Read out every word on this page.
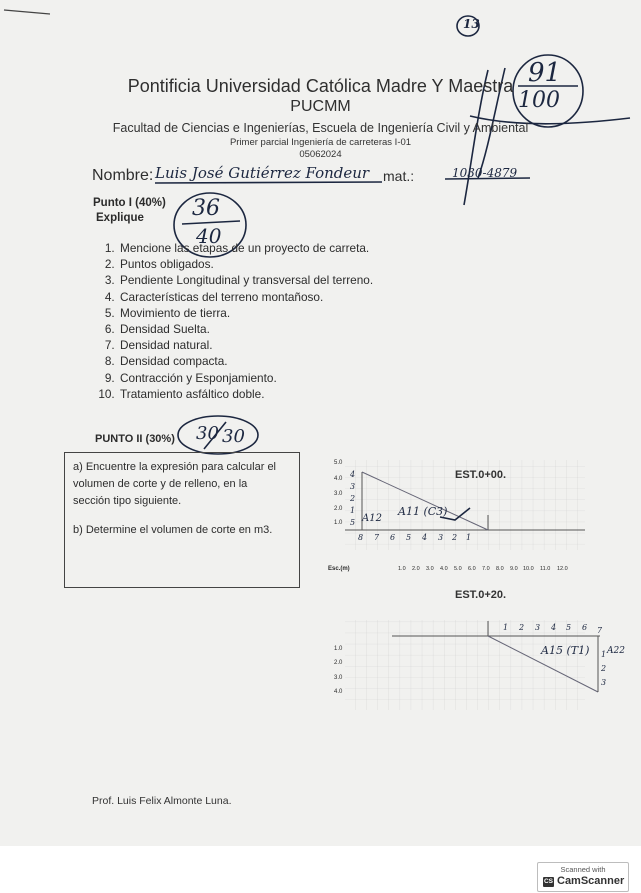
Pontificia Universidad Católica Madre Y Maestra
PUCMM
Facultad de Ciencias e Ingenierías, Escuela de Ingeniería Civil y Ambiental
Primer parcial Ingeniería de carreteras I-01
05062024
13
91
100
Nombre: Luis José Gutiérrez Fondeur mat.:	1030-4879
Punto I (40%)
Explique 36
40
1. Mencione las etapas de un proyecto de carreta.
2. Puntos obligados.
3. Pendiente Longitudinal y transversal del terreno.
4. Características del terreno montañoso.
5. Movimiento de tierra.
6. Densidad Suelta.
7. Densidad natural.
8. Densidad compacta.
9. Contracción y Esponjamiento.
10. Tratamiento asfáltico doble.
PUNTO II (30%) 30 30
a) Encuentre la expresión para calcular el volumen de corte y de relleno, en la sección tipo siguiente.
b) Determine el volumen de corte en m3.
EST.0+00.
5.0
4.0
3.0
2.0
1.0
Esc.(m)	1.0 2.0 3.0 4.0 5.0 6.0 7.0 8.0 9.0 10.0 11.0 12.0
4
3
2
1
5
8 7 6 5 4 3 2 1
A12
A11 (C3)
EST.0+20.
1.0
2.0
3.0
4.0
1 2 3 4 5 6 7
1
2
3
A15 (T1) A22
Prof. Luis Felix Almonte Luna.
Scanned with
CS CamScanner
